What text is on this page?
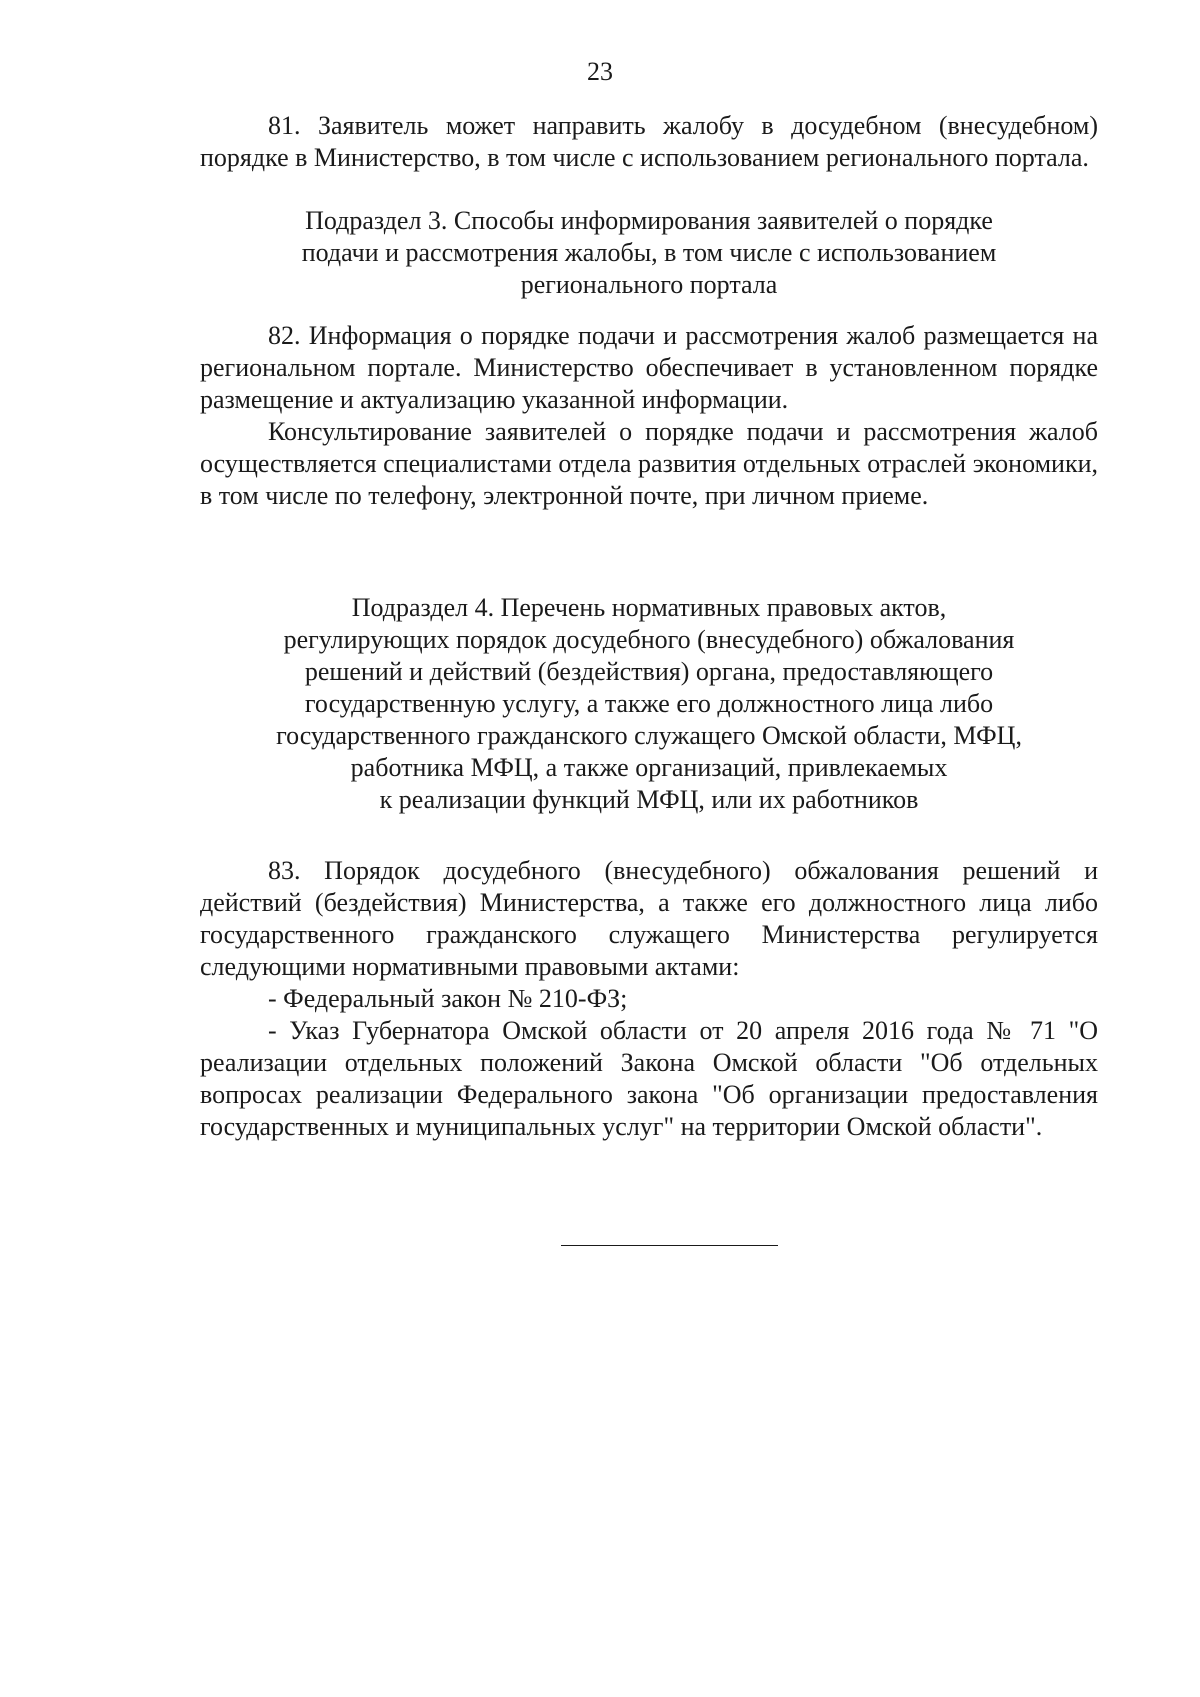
23

81. Заявитель может направить жалобу в досудебном (внесудебном) порядке в Министерство, в том числе с использованием регионального портала.

Подраздел 3. Способы информирования заявителей о порядке

подачи и рассмотрения жалобы, в том числе с использованием

регионального портала

82. Информация о порядке подачи и рассмотрения жалоб размещается на региональном портале. Министерство обеспечивает в установленном порядке размещение и актуализацию указанной информации.

Консультирование заявителей о порядке подачи и рассмотрения жалоб осуществляется специалистами отдела развития отдельных отраслей экономики, в том числе по телефону, электронной почте, при личном приеме.

Подраздел 4. Перечень нормативных правовых актов,

регулирующих порядок досудебного (внесудебного) обжалования

решений и действий (бездействия) органа, предоставляющего

государственную услугу, а также его должностного лица либо

государственного гражданского служащего Омской области, МФЦ,

работника МФЦ, а также организаций, привлекаемых

к реализации функций МФЦ, или их работников

83. Порядок досудебного (внесудебного) обжалования решений и действий (бездействия) Министерства, а также его должностного лица либо государственного гражданского служащего Министерства регулируется следующими нормативными правовыми актами:

- Федеральный закон № 210-ФЗ;

- Указ Губернатора Омской области от 20 апреля 2016 года № 71 "О реализации отдельных положений Закона Омской области "Об отдельных вопросах реализации Федерального закона "Об организации предоставления государственных и муниципальных услуг" на территории Омской области".
